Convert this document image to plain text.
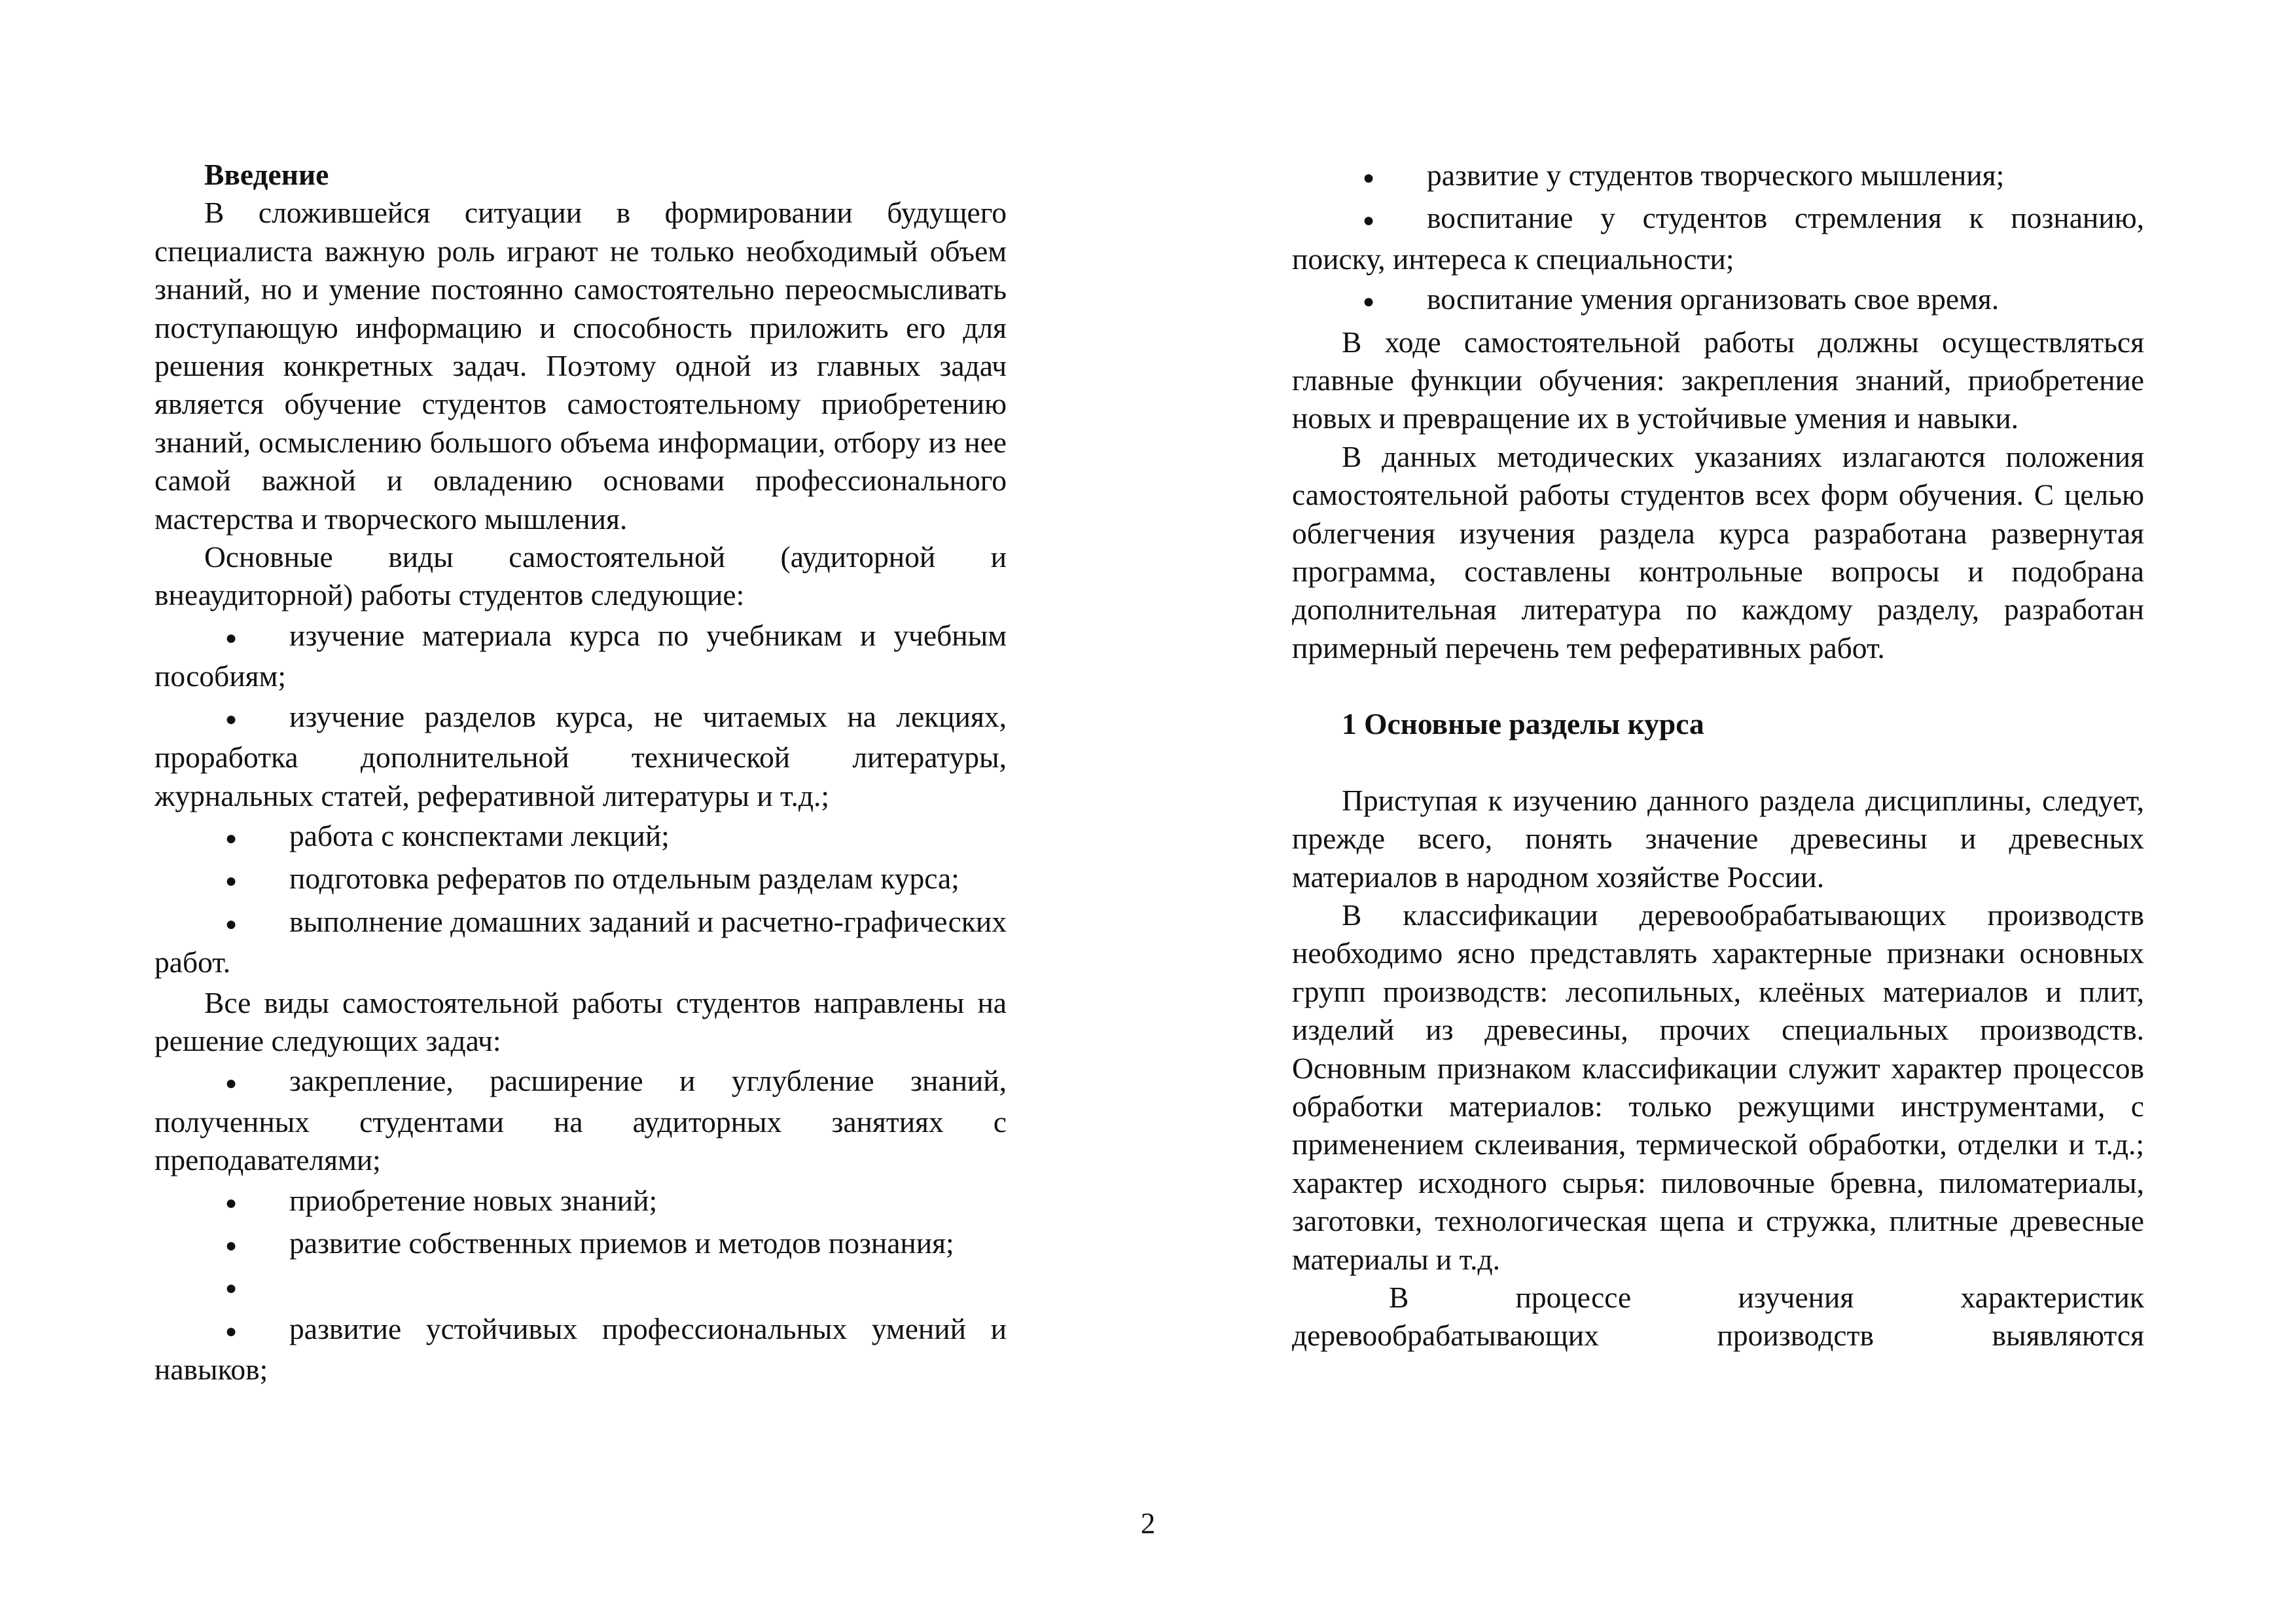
Введение

В сложившейся ситуации в формировании будущего специалиста важную роль играют не только необходимый объем знаний, но и умение постоянно самостоятельно переосмысливать поступающую информацию и способность приложить его для решения конкретных задач. Поэтому одной из главных задач является обучение студентов самостоятельному приобретению знаний, осмыслению большого объема информации, отбору из нее самой важной и овладению основами профессионального мастерства и творческого мышления.

Основные виды самостоятельной (аудиторной и внеаудиторной) работы студентов следующие:

● изучение материала курса по учебникам и учебным пособиям;
● изучение разделов курса, не читаемых на лекциях, проработка дополнительной технической литературы, журнальных статей, реферативной литературы и т.д.;
● работа с конспектами лекций;
● подготовка рефератов по отдельным разделам курса;
● выполнение домашних заданий и расчетно-графических работ.

Все виды самостоятельной работы студентов направлены на решение следующих задач:

● закрепление, расширение и углубление знаний, полученных студентами на аудиторных занятиях с преподавателями;
● приобретение новых знаний;
● развитие собственных приемов и методов познания;
●
● развитие устойчивых профессиональных умений и навыков;
● развитие у студентов творческого мышления;
● воспитание у студентов стремления к познанию, поиску, интереса к специальности;
● воспитание умения организовать свое время.

В ходе самостоятельной работы должны осуществляться главные функции обучения: закрепления знаний, приобретение новых и превращение их в устойчивые умения и навыки.

В данных методических указаниях излагаются положения самостоятельной работы студентов всех форм обучения. С целью облегчения изучения раздела курса разработана развернутая программа, составлены контрольные вопросы и подобрана дополнительная литература по каждому разделу, разработан примерный перечень тем реферативных работ.

1 Основные разделы курса

Приступая к изучению данного раздела дисциплины, следует, прежде всего, понять значение древесины и древесных материалов в народном хозяйстве России.

В классификации деревообрабатывающих производств необходимо ясно представлять характерные признаки основных групп производств: лесопильных, клеёных материалов и плит, изделий из древесины, прочих специальных производств. Основным признаком классификации служит характер процессов обработки материалов: только режущими инструментами, с применением склеивания, термической обработки, отделки и т.д.; характер исходного сырья: пиловочные бревна, пиломатериалы, заготовки, технологическая щепа и стружка, плитные древесные материалы и т.д.

В процессе изучения характеристик деревообрабатывающих производств выявляются

2
